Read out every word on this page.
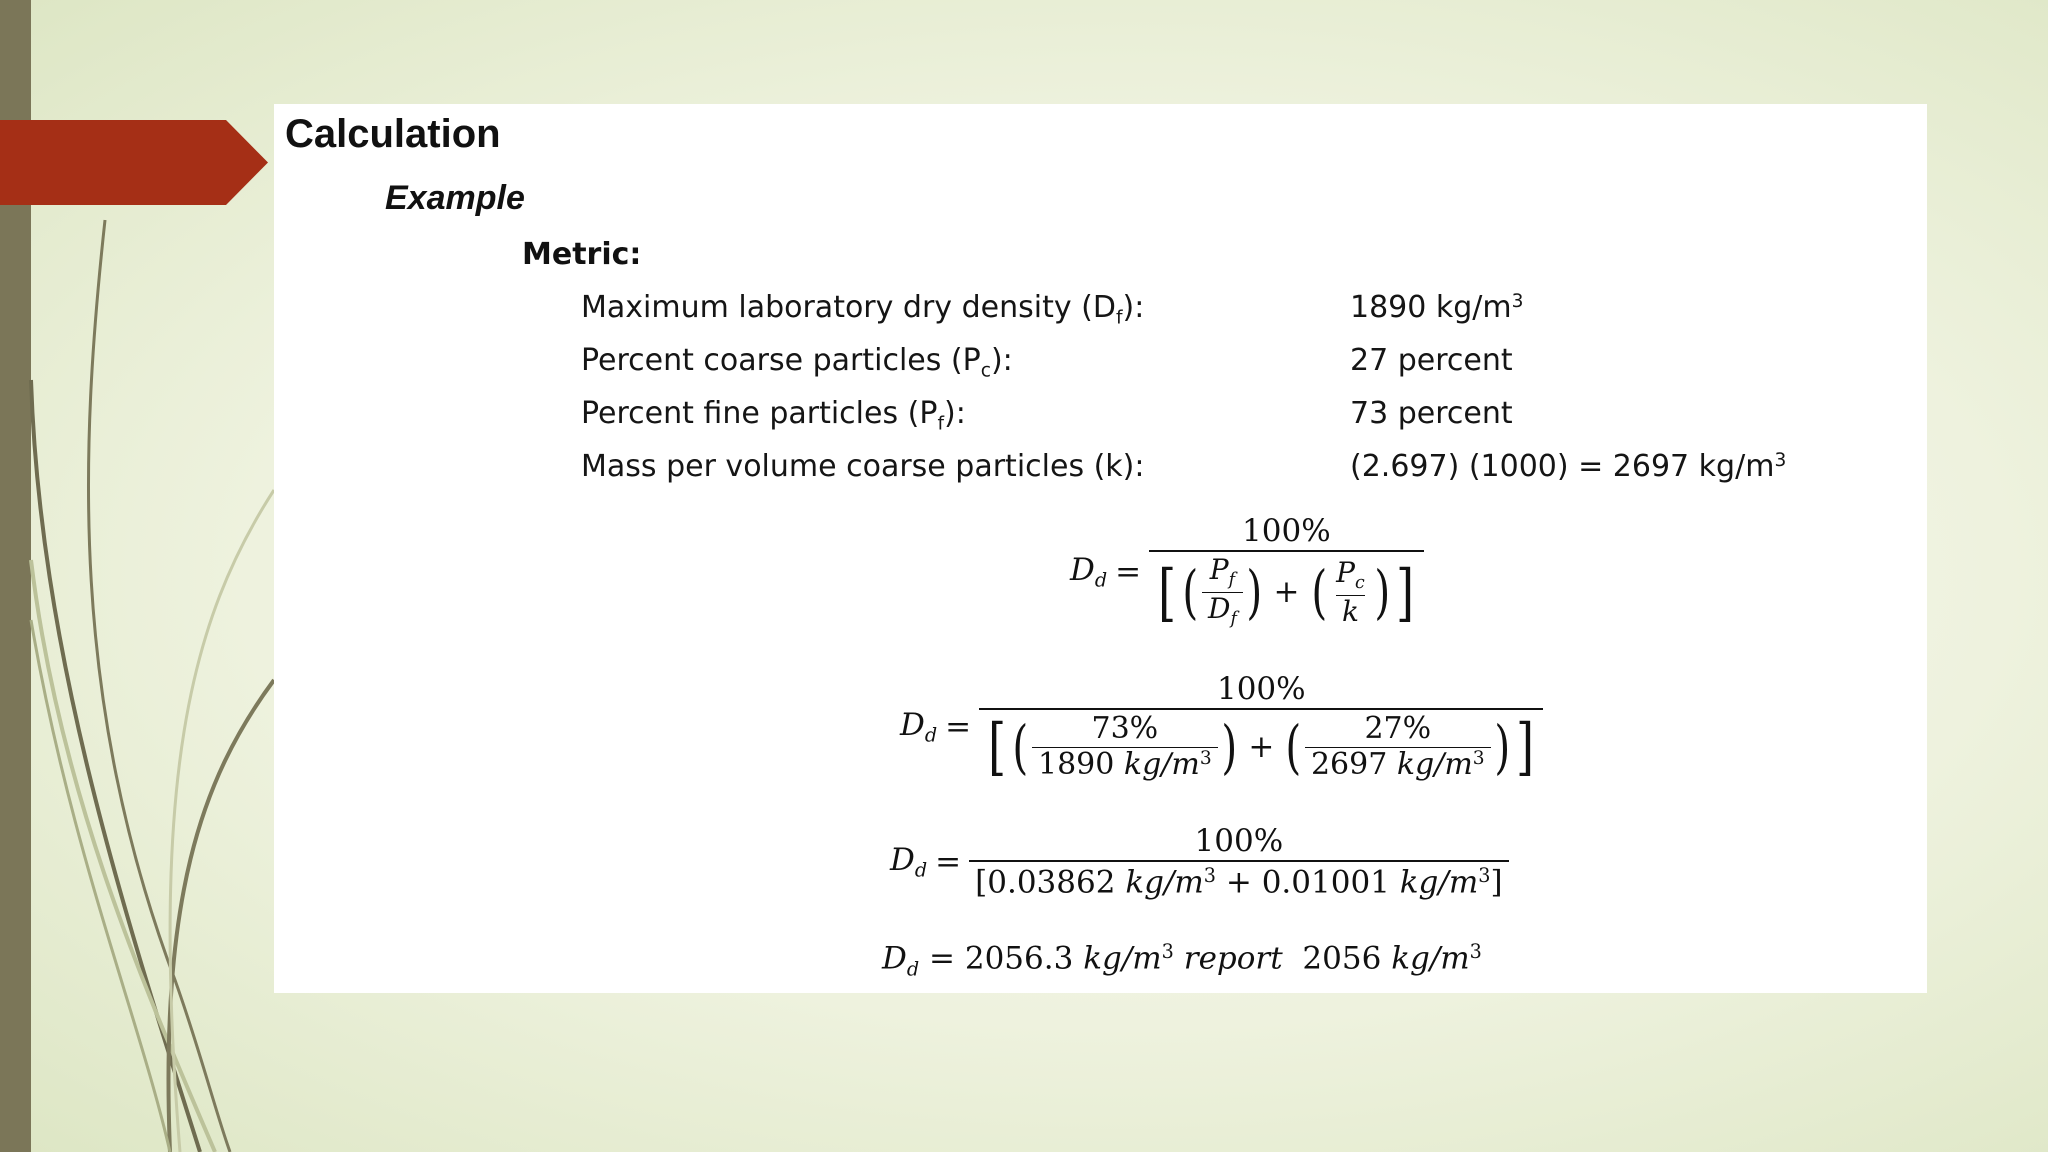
Calculation
Example
Metric:
Maximum laboratory dry density $(D_f)$:	1890 $kg/m^3$
Percent coarse particles $(P_c)$:	27 percent
Percent fine particles $(P_f)$:	73 percent
Mass per volume coarse particles (k):	(2.697) (1000) = 2697 $kg/m^3$
$D_d$ =
100%
[ ( $\frac{P_f}{D_f}$ ) + ( $\frac{P_c}{k}$ ) ]
$D_d$ =
100%
[ ( $\frac{73\%}{1890 kg/m^3}$ ) + ( $\frac{27\%}{2697 kg/m^3}$ ) ]
$D_d = \frac{100\%}{[0.03862 kg/m^3 + 0.01001 kg/m^3]}$
$D_d = 2056.3$ $kg/m^3$ report 2056 $kg/m^3$
